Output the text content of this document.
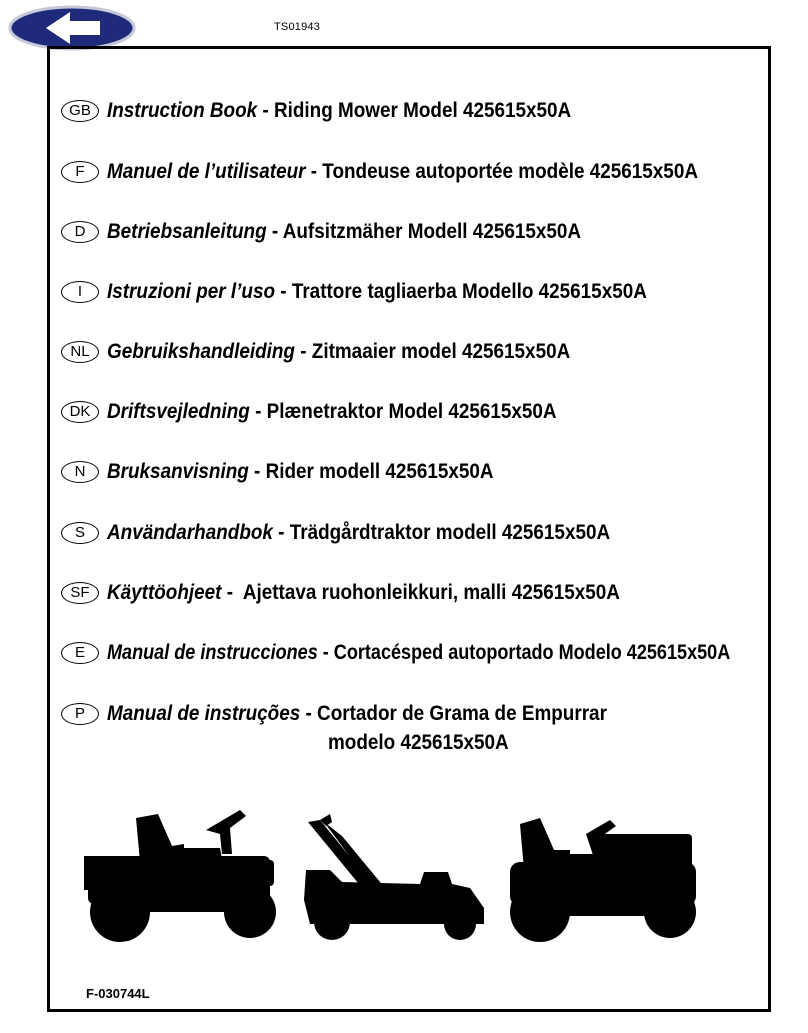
TS01943
GB Instruction Book - Riding Mower Model 425615x50A
F	Manuel de l’utilisateur - Tondeuse autoportée modèle 425615x50A
D	Betriebsanleitung - Aufsitzmäher Modell 425615x50A
I	Istruzioni per l’uso - Trattore tagliaerba Modello 425615x50A
NL Gebruikshandleiding - Zitmaaier model 425615x50A
DK Driftsvejledning - Plænetraktor Model 425615x50A
N	Bruksanvisning - Rider modell 425615x50A
S	Användarhandbok - Trädgårdtraktor modell 425615x50A
SF Käyttöohjeet -  Ajettava ruohonleikkuri, malli 425615x50A
E	Manual de instrucciones - Cortacésped autoportado Modelo 425615x50A
P	Manual de instruções - Cortador de Grama de Empurrar
modelo 425615x50A
F-030744L
